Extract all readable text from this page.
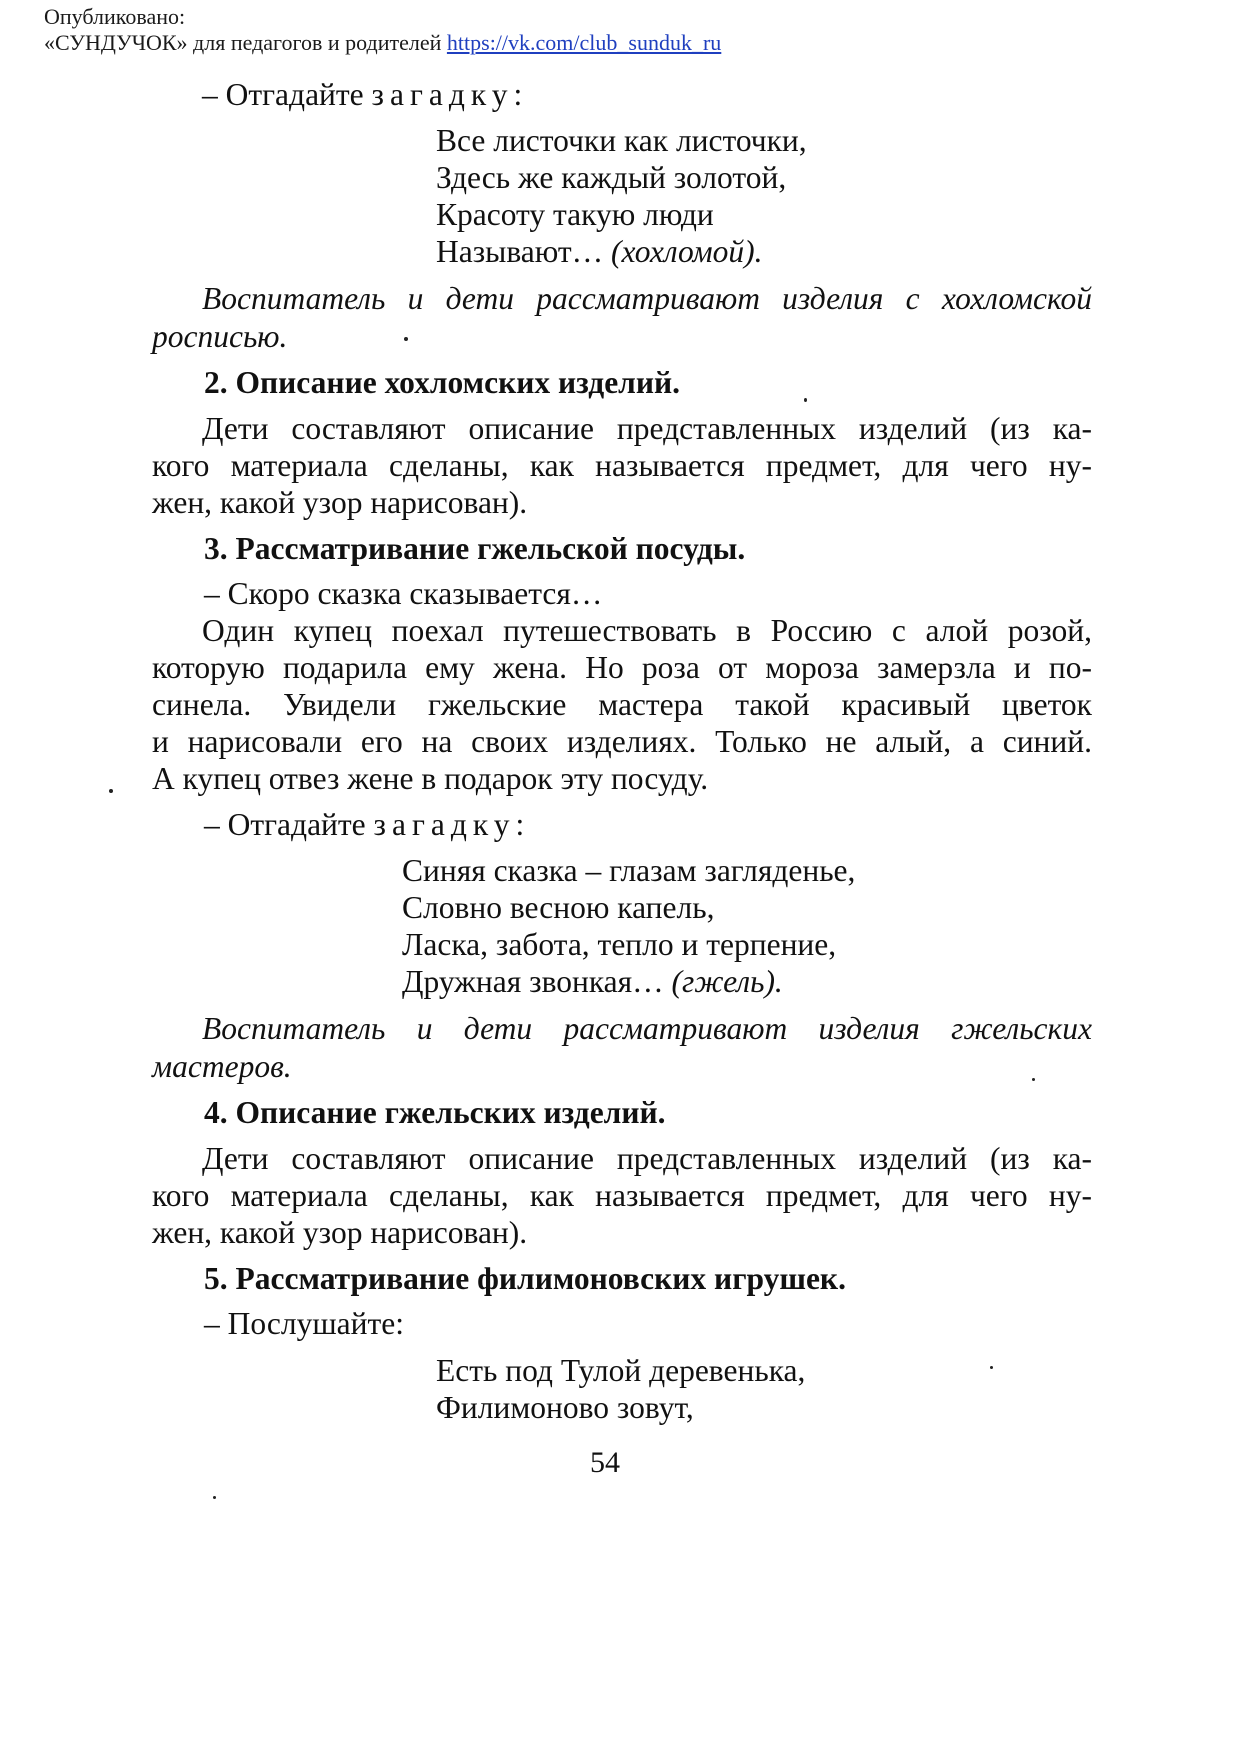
Опубликовано:
«СУНДУЧОК» для педагогов и родителей https://vk.com/club_sunduk_ru
– Отгадайте загадку:
Все листочки как листочки,
Здесь же каждый золотой,
Красоту такую люди
Называют… (хохломой).
Воспитатель и дети рассматривают изделия с хохломской
росписью.
2. Описание хохломских изделий.
Дети составляют описание представленных изделий (из ка-
кого материала сделаны, как называется предмет, для чего ну-
жен, какой узор нарисован).
3. Рассматривание гжельской посуды.
– Скоро сказка сказывается…
Один купец поехал путешествовать в Россию с алой розой,
которую подарила ему жена. Но роза от мороза замерзла и по-
синела. Увидели гжельские мастера такой красивый цветок
и нарисовали его на своих изделиях. Только не алый, а синий.
А купец отвез жене в подарок эту посуду.
– Отгадайте загадку:
Синяя сказка – глазам загляденье,
Словно весною капель,
Ласка, забота, тепло и терпение,
Дружная звонкая… (гжель).
Воспитатель и дети рассматривают изделия гжельских
мастеров.
4. Описание гжельских изделий.
Дети составляют описание представленных изделий (из ка-
кого материала сделаны, как называется предмет, для чего ну-
жен, какой узор нарисован).
5. Рассматривание филимоновских игрушек.
– Послушайте:
Есть под Тулой деревенька,
Филимоново зовут,
54
